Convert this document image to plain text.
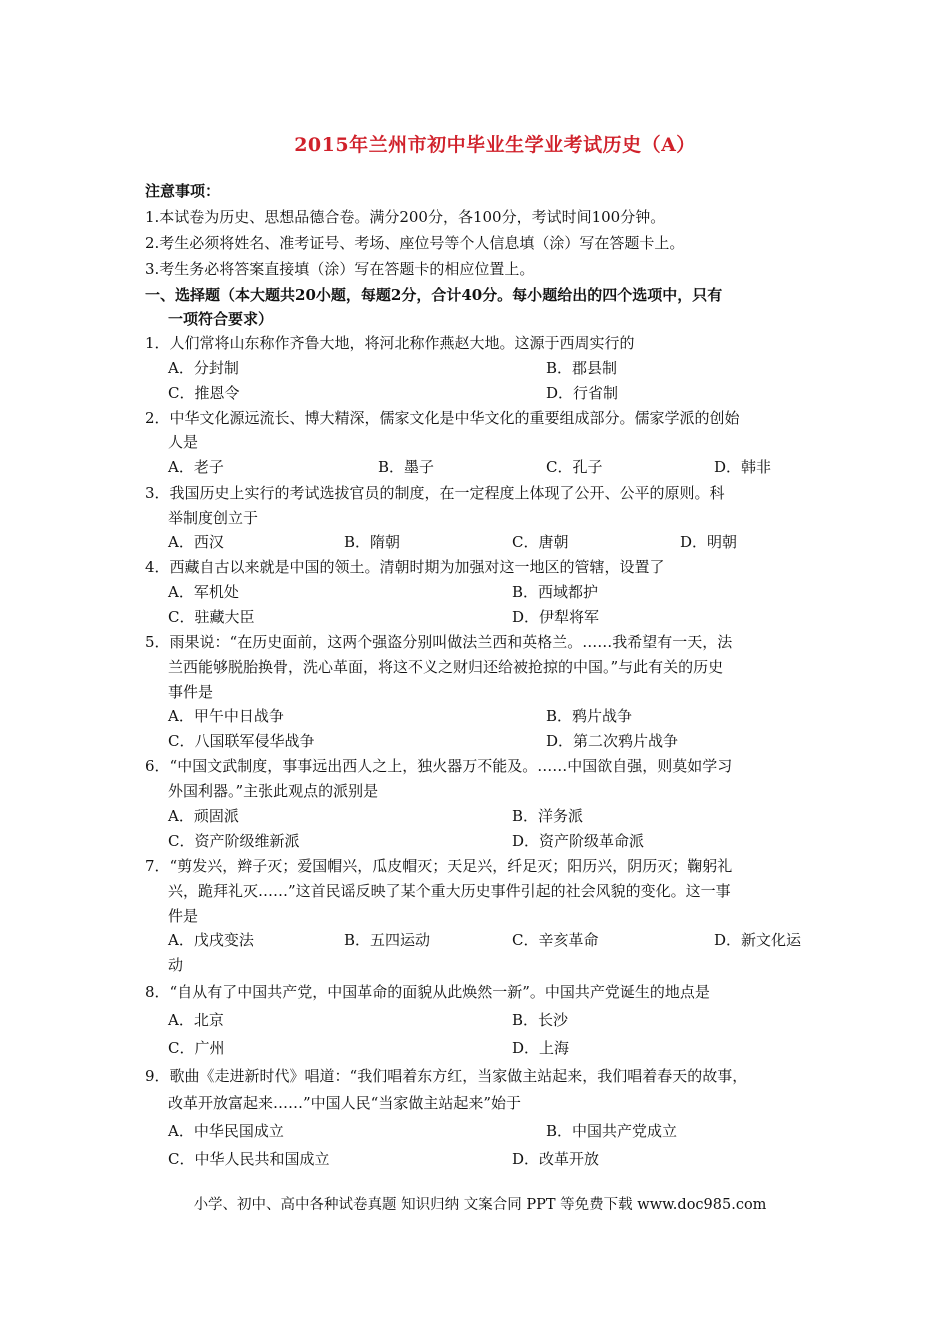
2015年兰州市初中毕业生学业考试历史（A）
注意事项：
1.本试卷为历史、思想品德合卷。满分200分，各100分，考试时间100分钟。
2.考生必须将姓名、准考证号、考场、座位号等个人信息填（涂）写在答题卡上。
3.考生务必将答案直接填（涂）写在答题卡的相应位置上。
一、选择题（本大题共20小题，每题2分，合计40分。每小题给出的四个选项中，只有
一项符合要求）
1．人们常将山东称作齐鲁大地，将河北称作燕赵大地。这源于西周实行的
A．分封制	B．郡县制
C．推恩令	D．行省制
2．中华文化源远流长、博大精深，儒家文化是中华文化的重要组成部分。儒家学派的创始
人是
A．老子	B．墨子	C．孔子	D．韩非
3．我国历史上实行的考试选拔官员的制度，在一定程度上体现了公开、公平的原则。科
举制度创立于
A．西汉	B．隋朝	C．唐朝	D．明朝
4．西藏自古以来就是中国的领土。清朝时期为加强对这一地区的管辖，设置了
A．军机处	B．西域都护
C．驻藏大臣	D．伊犁将军
5．雨果说：“在历史面前，这两个强盗分别叫做法兰西和英格兰。……我希望有一天，法
兰西能够脱胎换骨，洗心革面，将这不义之财归还给被抢掠的中国。”与此有关的历史
事件是
A．甲午中日战争	B．鸦片战争
C．八国联军侵华战争	D．第二次鸦片战争
6．“中国文武制度，事事远出西人之上，独火器万不能及。……中国欲自强，则莫如学习
外国利器。”主张此观点的派别是
A．顽固派	B．洋务派
C．资产阶级维新派	D．资产阶级革命派
7．“剪发兴，辫子灭；爱国帽兴，瓜皮帽灭；天足兴，纤足灭；阳历兴，阴历灭；鞠躬礼
兴，跪拜礼灭……”这首民谣反映了某个重大历史事件引起的社会风貌的变化。这一事
件是
A．戊戌变法	B．五四运动	C．辛亥革命	D．新文化运
动
8．“自从有了中国共产党，中国革命的面貌从此焕然一新”。中国共产党诞生的地点是
A．北京	B．长沙
C．广州	D．上海
9．歌曲《走进新时代》唱道：“我们唱着东方红，当家做主站起来，我们唱着春天的故事，
改革开放富起来……”中国人民“当家做主站起来”始于
A．中华民国成立	B．中国共产党成立
C．中华人民共和国成立	D．改革开放
小学、初中、高中各种试卷真题 知识归纳 文案合同 PPT 等免费下载 www.doc985.com
